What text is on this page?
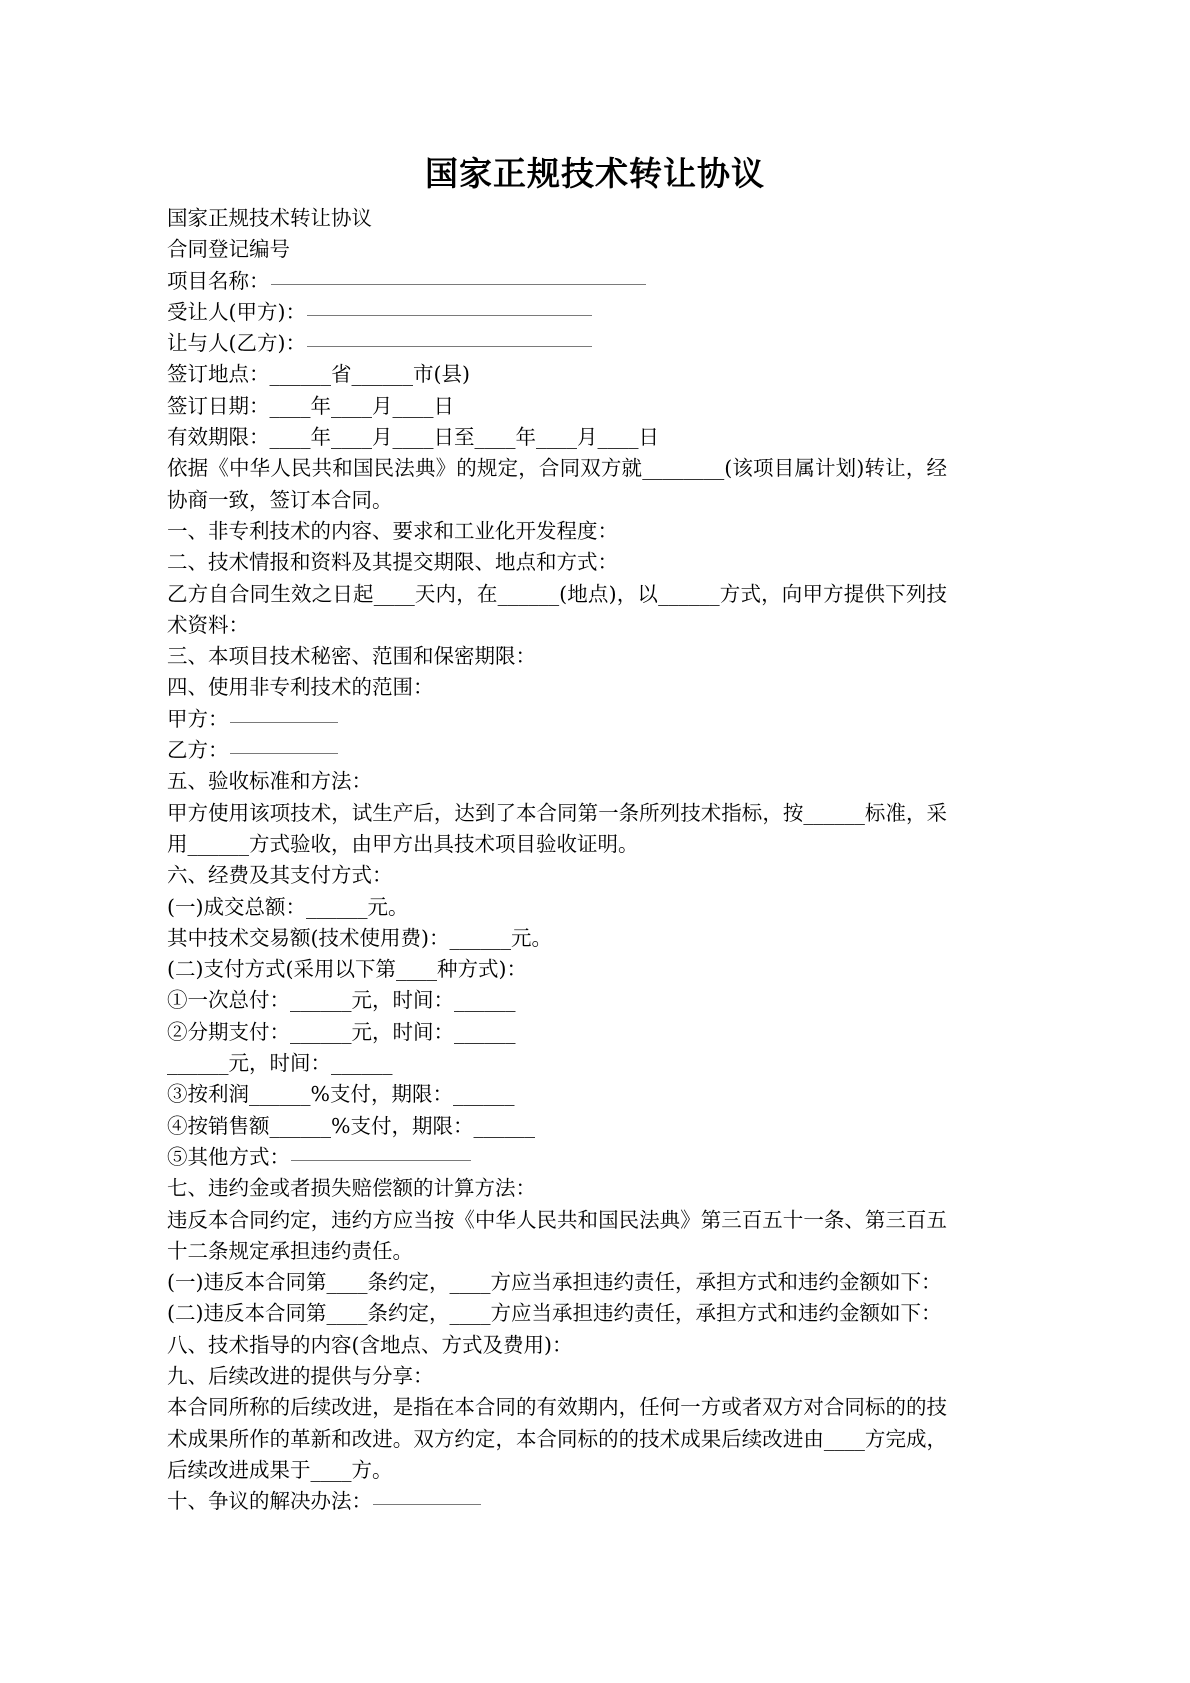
国家正规技术转让协议
国家正规技术转让协议
合同登记编号
项目名称：
受让人(甲方)：
让与人(乙方)：
签订地点：______省______市(县)
签订日期：____年____月____日
有效期限：____年____月____日至____年____月____日
依据《中华人民共和国民法典》的规定，合同双方就________(该项目属计划)转让，经协商一致，签订本合同。
一、非专利技术的内容、要求和工业化开发程度：
二、技术情报和资料及其提交期限、地点和方式：
乙方自合同生效之日起____天内，在______(地点)，以______方式，向甲方提供下列技术资料：
三、本项目技术秘密、范围和保密期限：
四、使用非专利技术的范围：
甲方：
乙方：
五、验收标准和方法：
甲方使用该项技术，试生产后，达到了本合同第一条所列技术指标，按______标准，采用______方式验收，由甲方出具技术项目验收证明。
六、经费及其支付方式：
(一)成交总额：______元。
其中技术交易额(技术使用费)：______元。
(二)支付方式(采用以下第____种方式)：
①一次总付：______元，时间：______
②分期支付：______元，时间：______
______元，时间：______
③按利润______%支付，期限：______
④按销售额______%支付，期限：______
⑤其他方式：
七、违约金或者损失赔偿额的计算方法：
违反本合同约定，违约方应当按《中华人民共和国民法典》第三百五十一条、第三百五十二条规定承担违约责任。
(一)违反本合同第____条约定，____方应当承担违约责任，承担方式和违约金额如下：
(二)违反本合同第____条约定，____方应当承担违约责任，承担方式和违约金额如下：
八、技术指导的内容(含地点、方式及费用)：
九、后续改进的提供与分享：
本合同所称的后续改进，是指在本合同的有效期内，任何一方或者双方对合同标的的技术成果所作的革新和改进。双方约定，本合同标的的技术成果后续改进由____方完成，后续改进成果于____方。
十、争议的解决办法：
